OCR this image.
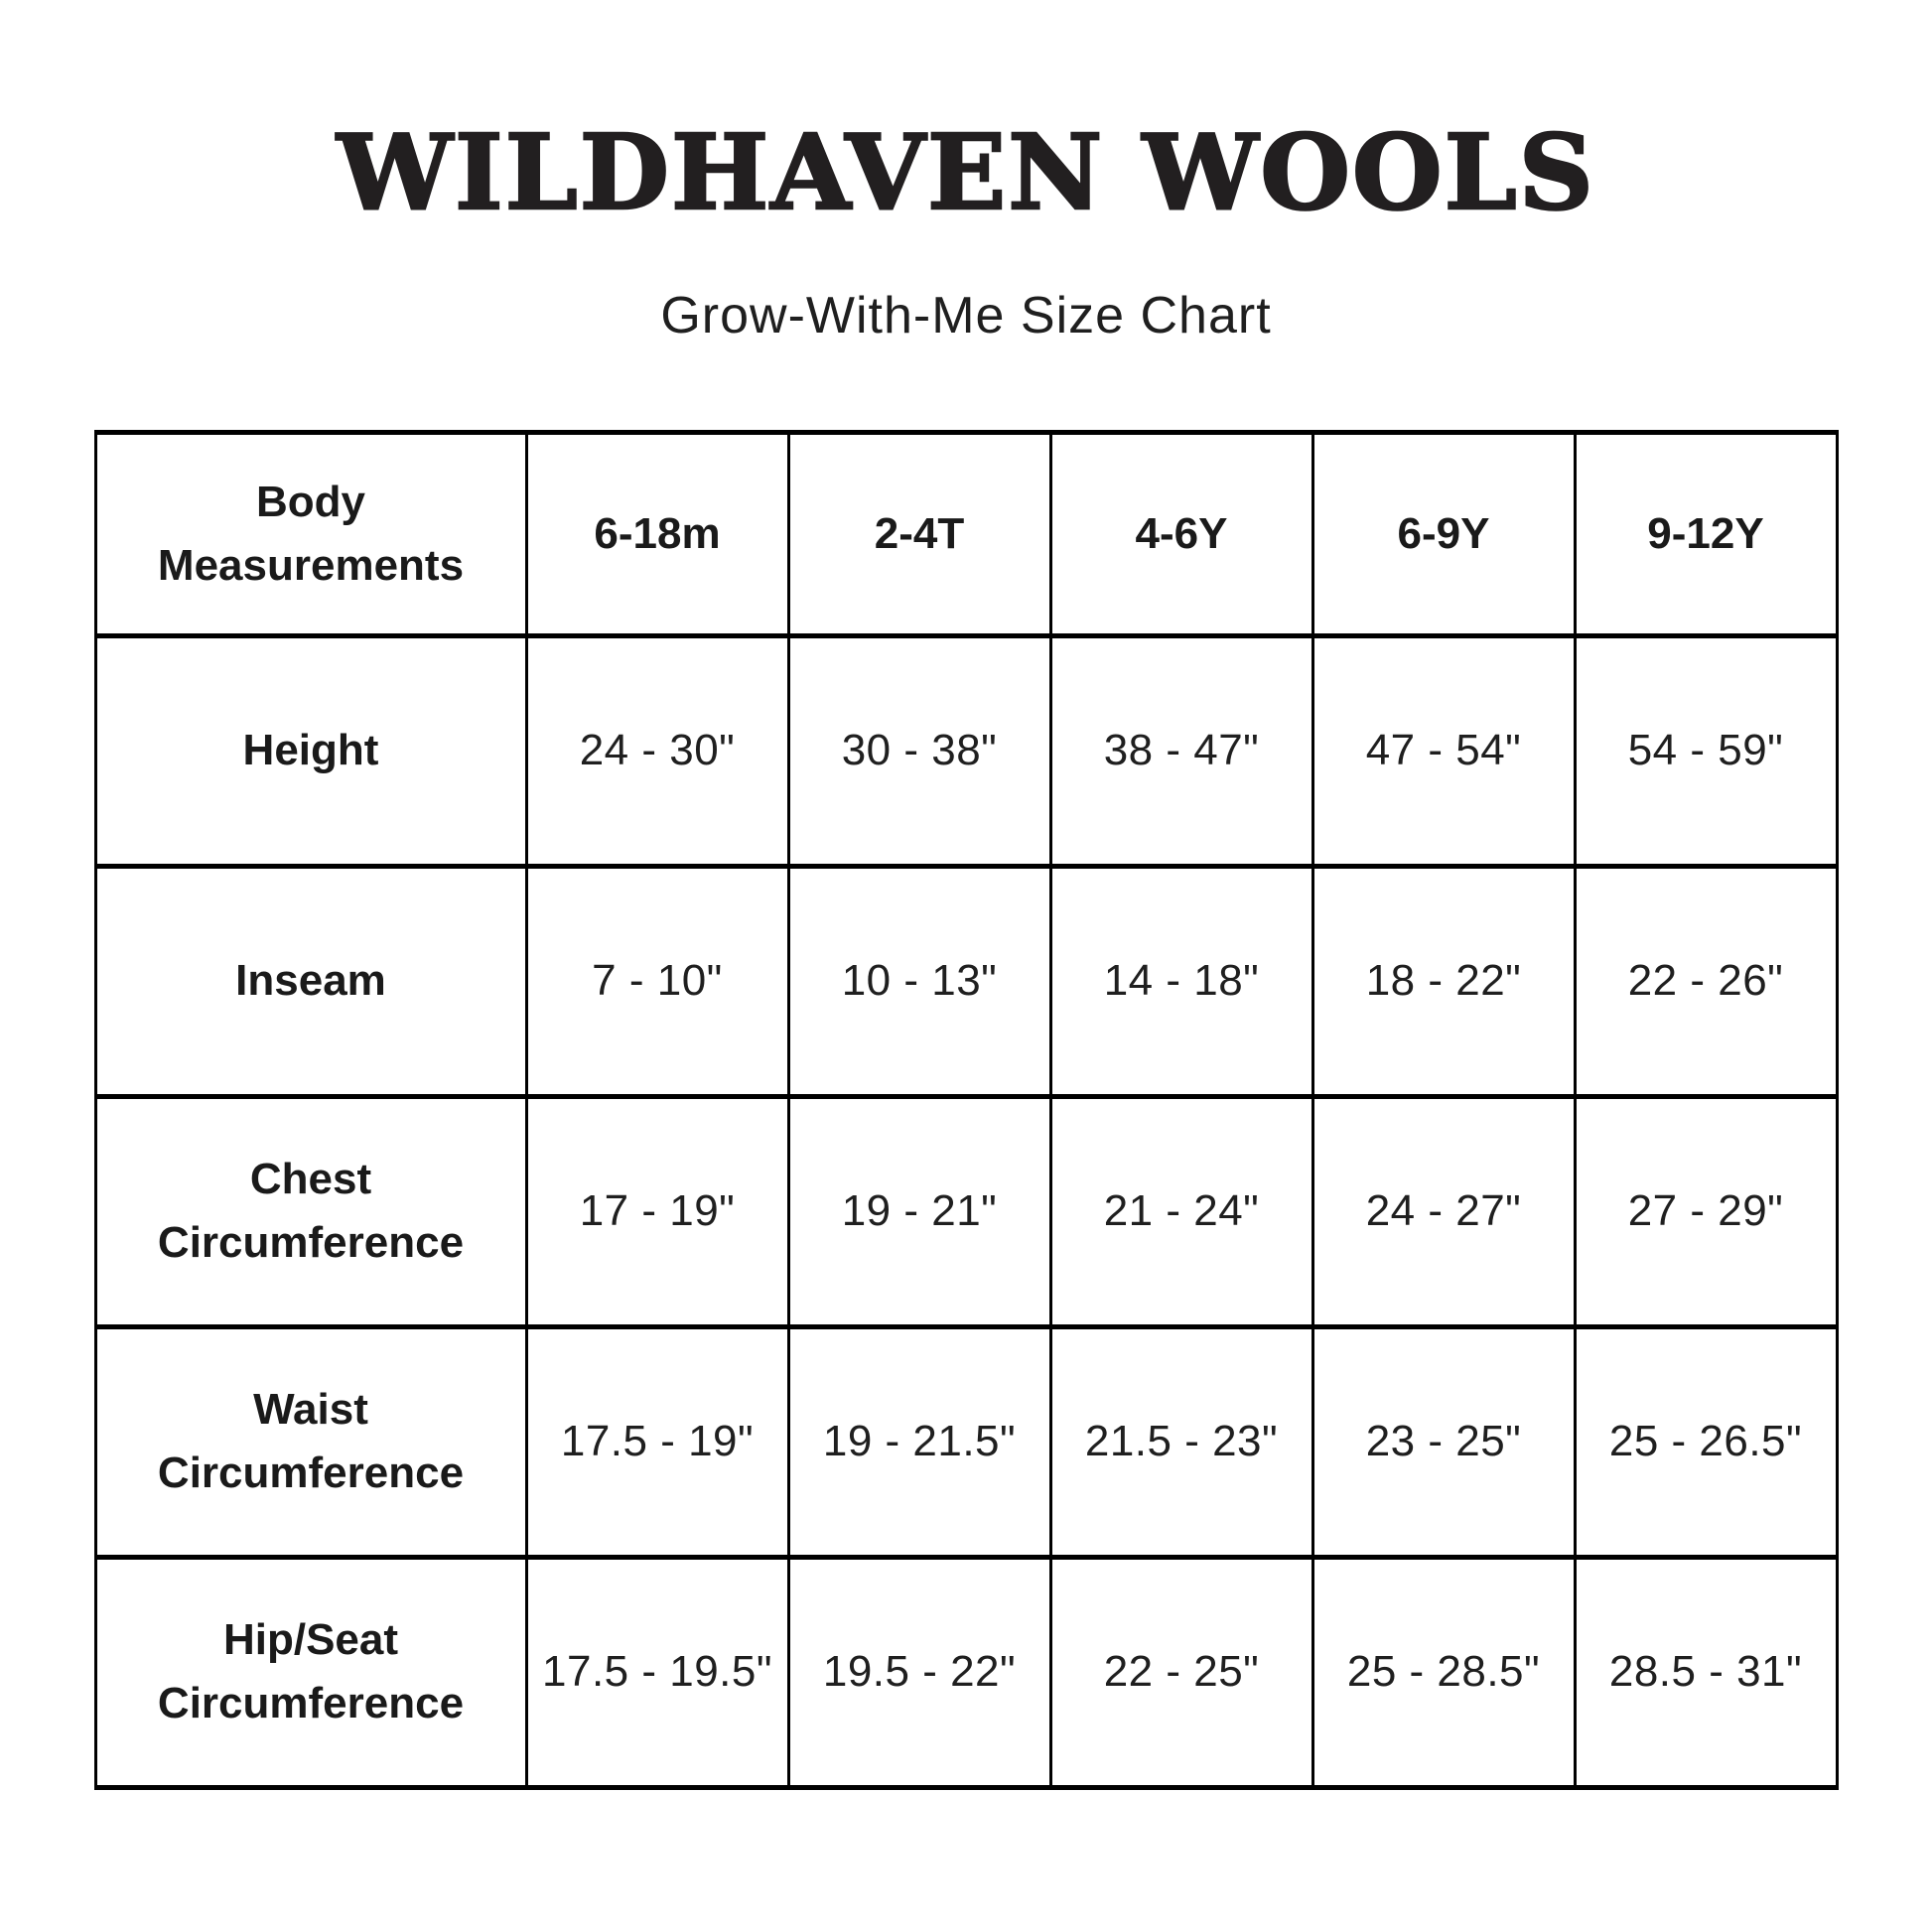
WILDHAVEN WOOLS
Grow-With-Me Size Chart
Body Measurements	6-18m	2-4T	4-6Y	6-9Y	9-12Y
Height	24 - 30"	30 - 38"	38 - 47"	47 - 54"	54 - 59"
Inseam	7 - 10"	10 - 13"	14 - 18"	18 - 22"	22 - 26"
Chest Circumference	17 - 19"	19 - 21"	21 - 24"	24 - 27"	27 - 29"
Waist Circumference	17.5 - 19"	19 - 21.5"	21.5 - 23"	23 - 25"	25 - 26.5"
Hip/Seat Circumference	17.5 - 19.5"	19.5 - 22"	22 - 25"	25 - 28.5"	28.5 - 31"
